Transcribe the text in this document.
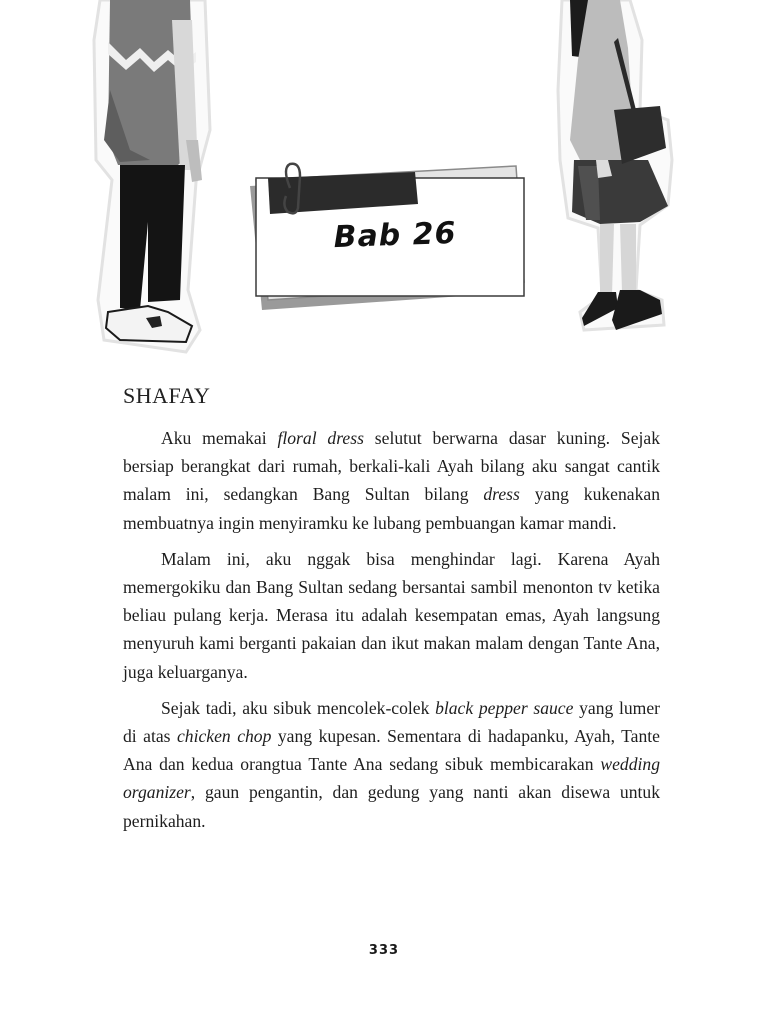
Bab 26
SHAFAY

Aku memakai floral dress selutut berwarna dasar kuning. Sejak bersiap berangkat dari rumah, berkali-kali Ayah bilang aku sangat cantik malam ini, sedangkan Bang Sultan bilang dress yang kukenakan membuatnya ingin menyiramku ke lubang pembuangan kamar mandi.

Malam ini, aku nggak bisa menghindar lagi. Karena Ayah memergokiku dan Bang Sultan sedang bersantai sambil menonton tv ketika beliau pulang kerja. Merasa itu adalah kesempatan emas, Ayah langsung menyuruh kami berganti pakaian dan ikut makan malam dengan Tante Ana, juga keluarganya.

Sejak tadi, aku sibuk mencolek-colek black pepper sauce yang lumer di atas chicken chop yang kupesan. Sementara di hadapanku, Ayah, Tante Ana dan kedua orangtua Tante Ana sedang sibuk membicarakan wedding organizer, gaun pengantin, dan gedung yang nanti akan disewa untuk pernikahan.

333
